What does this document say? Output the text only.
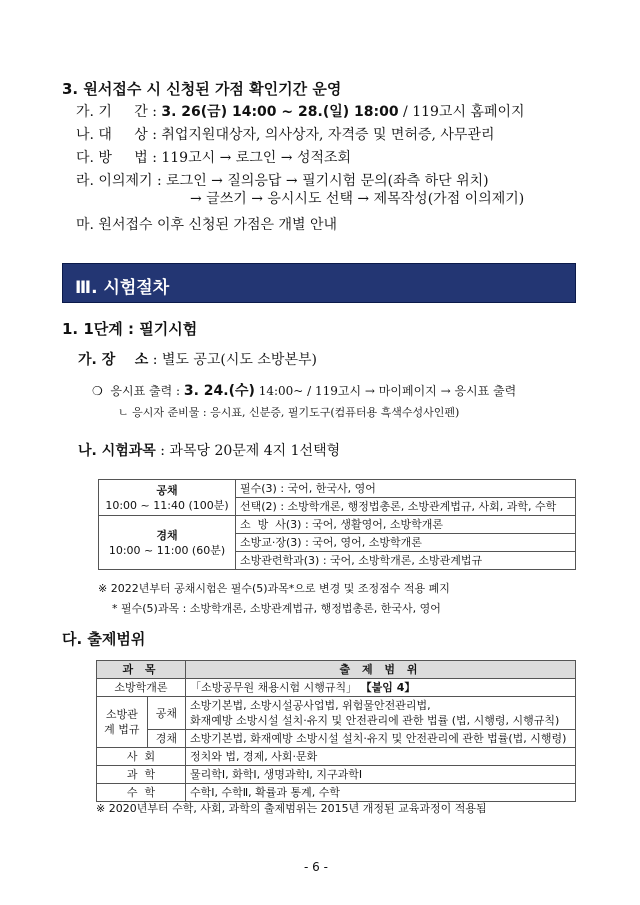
3. 원서접수 시 신청된 가점 확인기간 운영
가. 기     간 : 3. 26(금) 14:00 ~ 28.(일) 18:00 / 119고시 홈페이지
나. 대     상 : 취업지원대상자, 의사상자, 자격증 및 면허증, 사무관리
다. 방     법 : 119고시 → 로그인 → 성적조회
라. 이의제기 : 로그인 → 질의응답 → 필기시험 문의(좌측 하단 위치)
→ 글쓰기 → 응시시도 선택 → 제목작성(가점 이의제기)
마. 원서접수 이후 신청된 가점은 개별 안내
Ⅲ. 시험절차
1. 1단계 : 필기시험
가. 장    소 : 별도 공고(시도 소방본부)
❍  응시표 출력 : 3. 24.(수) 14:00~ / 119고시 → 마이페이지 → 응시표 출력
ㄴ 응시자 준비물 : 응시표, 신분증, 필기도구(컴퓨터용 흑색수성사인펜)
나. 시험과목 : 과목당 20문제 4지 1선택형
공채
10:00 ~ 11:40 (100분)	필수(3) : 국어, 한국사, 영어
	선택(2) : 소방학개론, 행정법총론, 소방관계법규, 사회, 과학, 수학

경채
10:00 ~ 11:00 (60분)	소  방  사(3) : 국어, 생활영어, 소방학개론
	소방교·장(3) : 국어, 영어, 소방학개론
	소방관련학과(3) : 국어, 소방학개론, 소방관계법규
※ 2022년부터 공채시험은 필수(5)과목*으로 변경 및 조정점수 적용 폐지
* 필수(5)과목 : 소방학개론, 소방관계법규, 행정법총론, 한국사, 영어
다. 출제범위
과 목		출 제 범 위
소방학개론		「소방공무원 채용시험 시행규칙」 【붙임 4】
소방관계 법규	공채	소방기본법, 소방시설공사업법, 위험물안전관리법,
화재예방 소방시설 설치·유지 및 안전관리에 관한 법률 (법, 시행령, 시행규칙)

	경채	소방기본법, 화재예방 소방시설 설치·유지 및 안전관리에 관한 법률(법, 시행령)
사  회		정치와 법, 경제, 사회·문화
과  학		물리학Ⅰ, 화학Ⅰ, 생명과학Ⅰ, 지구과학Ⅰ
수  학		수학Ⅰ, 수학Ⅱ, 확률과 통계, 수학
※ 2020년부터 수학, 사회, 과학의 출제범위는 2015년 개정된 교육과정이 적용됨
- 6 -
